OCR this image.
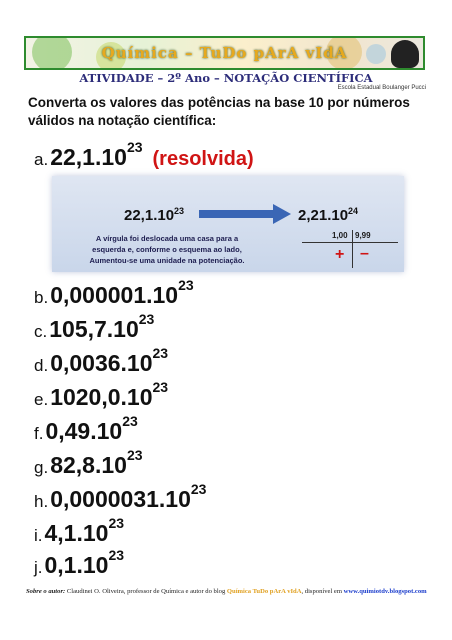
Química – TuDo pArA vIdA
ATIVIDADE – 2º Ano – NOTAÇÃO CIENTÍFICA
Escola Estadual Boulanger Pucci
Converta os valores das potências na base 10 por números válidos na notação científica:
a. 22,1.10$^{23}$
(resolvida)
22,1.10$^{23}$	2,21.10$^{24}$
A vírgula foi deslocada uma casa para a
esquerda e, conforme o esquema ao lado,
Aumentou-se uma unidade na potenciação.
1,00 9,99
+ –
b. 0,000001.10$^{23}$
c. 105,7.10$^{23}$
d. 0,0036.10$^{23}$
e. 1020,0.10$^{23}$
f. 0,49.10$^{23}$
g. 82,8.10$^{23}$
h. 0,0000031.10$^{23}$
i. 4,1.10$^{23}$
j. 0,1.10$^{23}$
Sobre o autor: Claudinei O. Oliveira, professor de Química e autor do blog Química TuDo pArA vIdA, disponível em www.quimiotdv.blogspot.com
